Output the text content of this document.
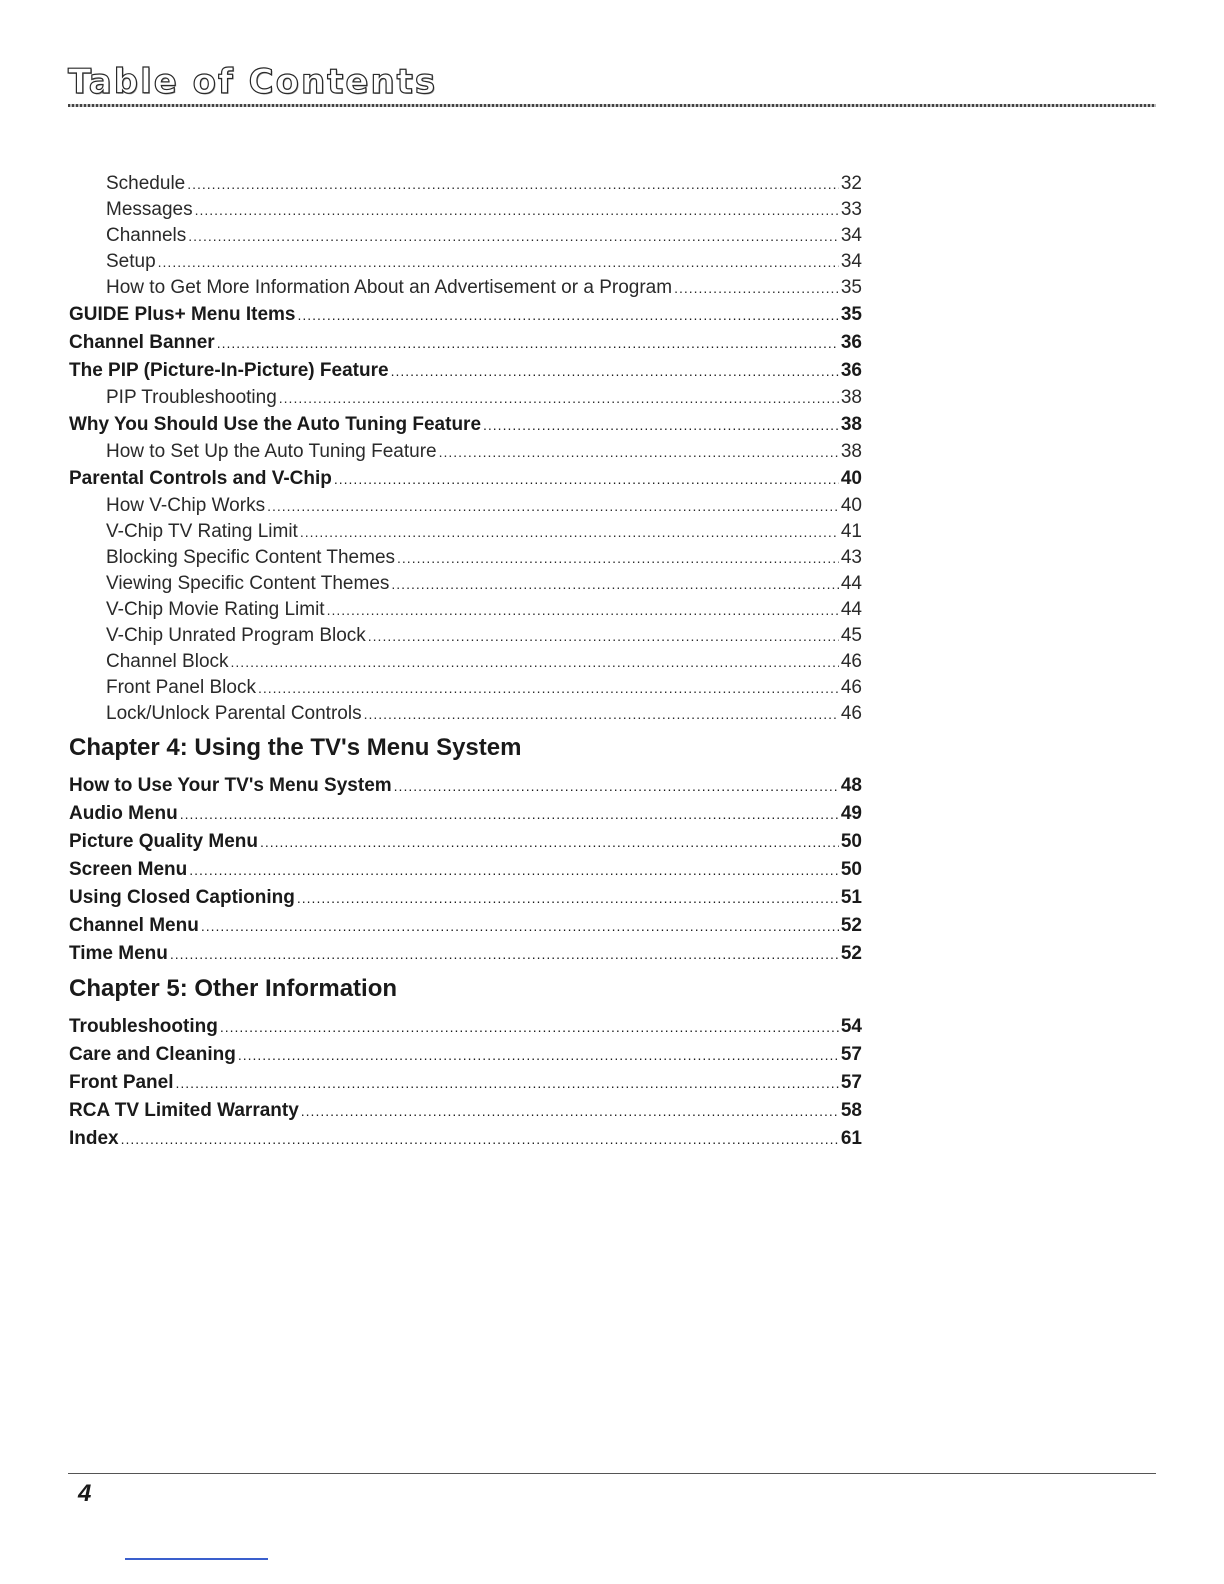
Table of Contents
Schedule .....	32
Messages .....	33
Channels .....	34
Setup .....	34
How to Get More Information About an Advertisement or a Program .....	35
GUIDE Plus+ Menu Items .....	35
Channel Banner .....	36
The PIP (Picture-In-Picture) Feature .....	36
PIP Troubleshooting .....	38
Why You Should Use the Auto Tuning Feature .....	38
How to Set Up the Auto Tuning Feature .....	38
Parental Controls and V-Chip .....	40
How V-Chip Works .....	40
V-Chip TV Rating Limit .....	41
Blocking Specific Content Themes .....	43
Viewing Specific Content Themes .....	44
V-Chip Movie Rating Limit .....	44
V-Chip Unrated Program Block .....	45
Channel Block .....	46
Front Panel Block .....	46
Lock/Unlock Parental Controls .....	46
Chapter 4: Using the TV's Menu System
How to Use Your TV's Menu System .....	48
Audio Menu .....	49
Picture Quality Menu .....	50
Screen Menu .....	50
Using Closed Captioning .....	51
Channel Menu .....	52
Time Menu .....	52
Chapter 5: Other Information
Troubleshooting .....	54
Care and Cleaning .....	57
Front Panel .....	57
RCA TV Limited Warranty .....	58
Index .....	61
4
